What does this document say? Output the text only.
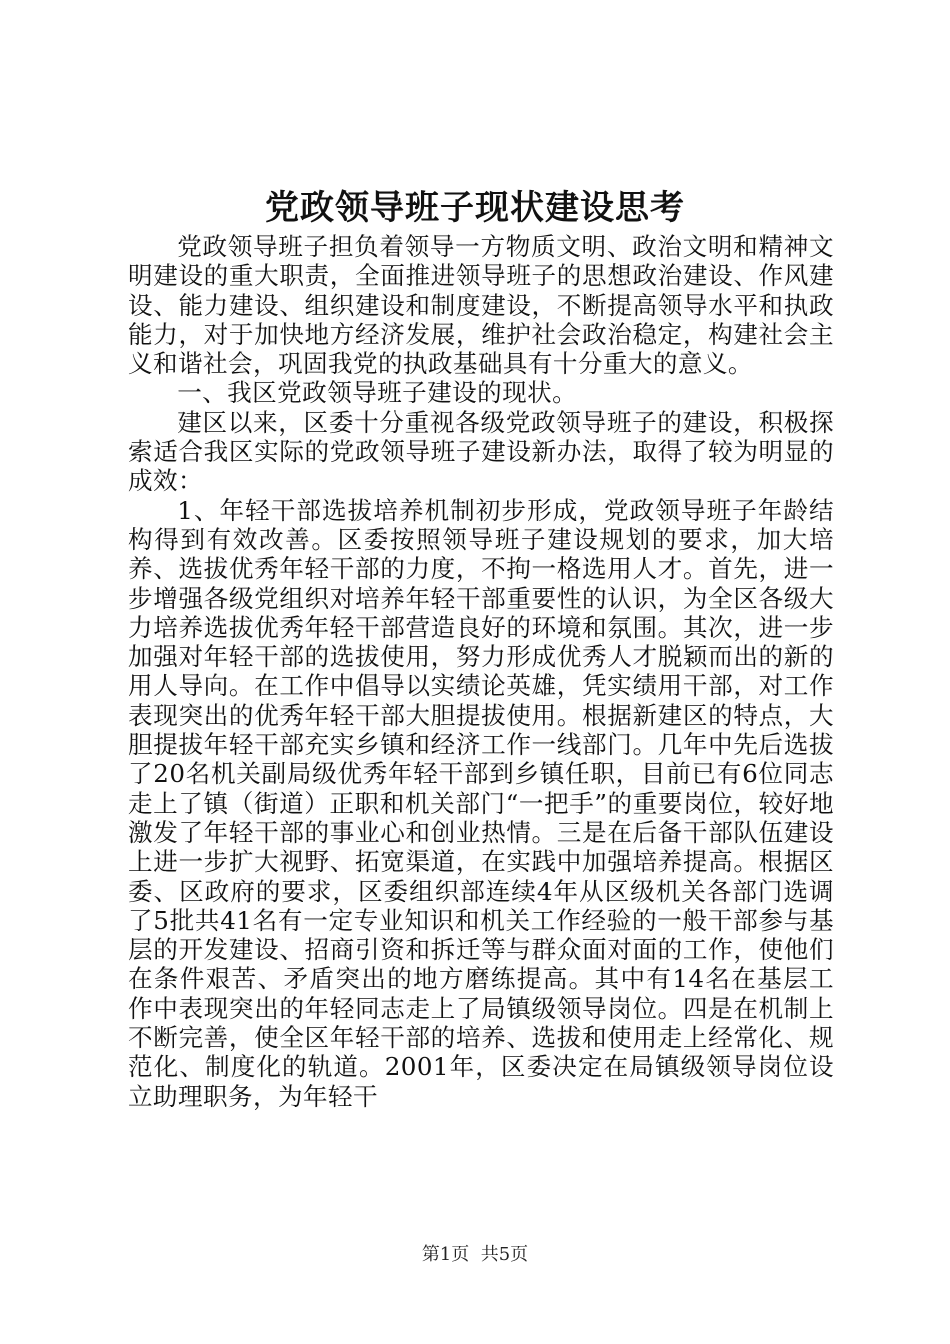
党政领导班子现状建设思考

党政领导班子担负着领导一方物质文明、政治文明和精神文明建设的重大职责，全面推进领导班子的思想政治建设、作风建设、能力建设、组织建设和制度建设，不断提高领导水平和执政能力，对于加快地方经济发展，维护社会政治稳定，构建社会主义和谐社会，巩固我党的执政基础具有十分重大的意义。

一、我区党政领导班子建设的现状。

建区以来，区委十分重视各级党政领导班子的建设，积极探索适合我区实际的党政领导班子建设新办法，取得了较为明显的成效：

1、年轻干部选拔培养机制初步形成，党政领导班子年龄结构得到有效改善。区委按照领导班子建设规划的要求，加大培养、选拔优秀年轻干部的力度，不拘一格选用人才。首先，进一步增强各级党组织对培养年轻干部重要性的认识，为全区各级大力培养选拔优秀年轻干部营造良好的环境和氛围。其次，进一步加强对年轻干部的选拔使用，努力形成优秀人才脱颖而出的新的用人导向。在工作中倡导以实绩论英雄，凭实绩用干部，对工作表现突出的优秀年轻干部大胆提拔使用。根据新建区的特点，大胆提拔年轻干部充实乡镇和经济工作一线部门。几年中先后选拔了20名机关副局级优秀年轻干部到乡镇任职，目前已有6位同志走上了镇（街道）正职和机关部门“一把手”的重要岗位，较好地激发了年轻干部的事业心和创业热情。三是在后备干部队伍建设上进一步扩大视野、拓宽渠道，在实践中加强培养提高。根据区委、区政府的要求，区委组织部连续4年从区级机关各部门选调了5批共41名有一定专业知识和机关工作经验的一般干部参与基层的开发建设、招商引资和拆迁等与群众面对面的工作，使他们在条件艰苦、矛盾突出的地方磨练提高。其中有14名在基层工作中表现突出的年轻同志走上了局镇级领导岗位。四是在机制上不断完善，使全区年轻干部的培养、选拔和使用走上经常化、规范化、制度化的轨道。2001年，区委决定在局镇级领导岗位设立助理职务，为年轻干

第1页 共5页
